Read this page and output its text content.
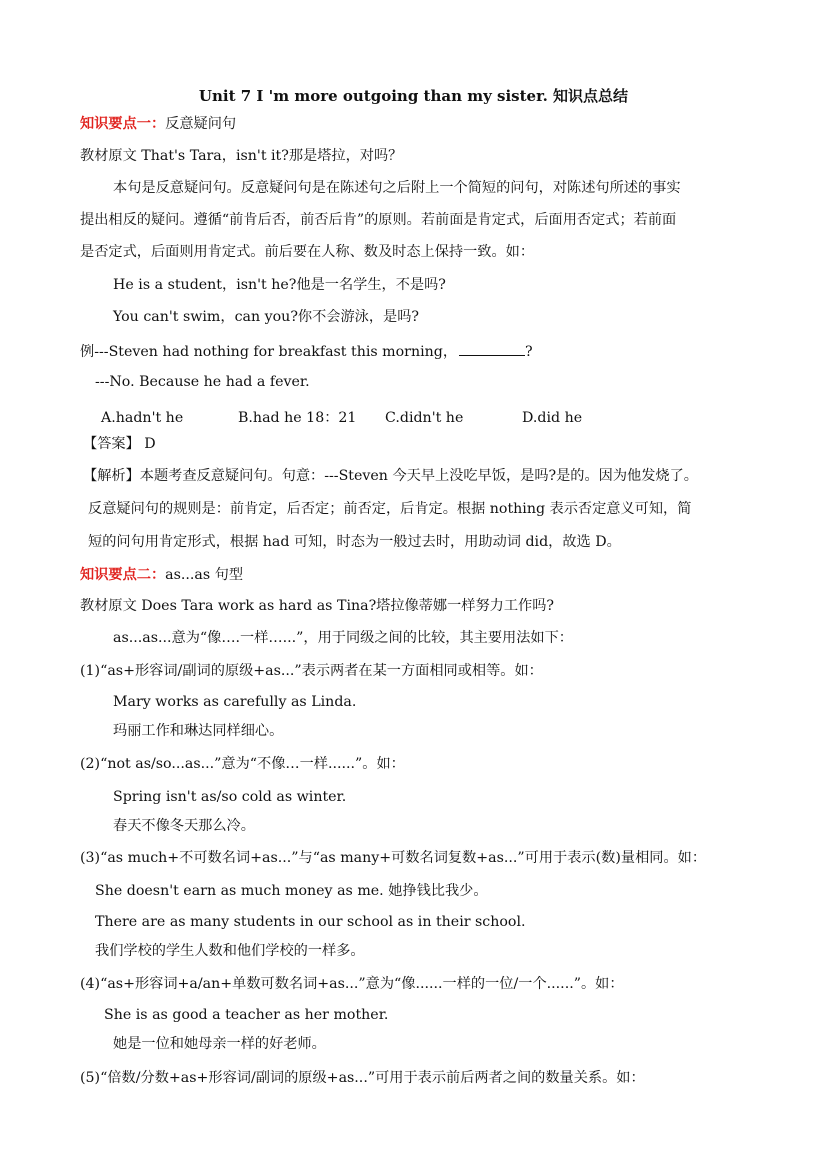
Unit 7 I 'm more outgoing than my sister. 知识点总结
知识要点一：反意疑问句
教材原文 That's Tara，isn't it?那是塔拉，对吗？
本句是反意疑问句。反意疑问句是在陈述句之后附上一个简短的问句，对陈述句所述的事实
提出相反的疑问。遵循“前肯后否，前否后肯”的原则。若前面是肯定式，后面用否定式；若前面
是否定式，后面则用肯定式。前后要在人称、数及时态上保持一致。如：
He is a student，isn't he?他是一名学生，不是吗?
You can't swim，can you?你不会游泳，是吗?
例---Steven had nothing for breakfast this morning，	?
---No. Because he had a fever.
A.hadn't he	B.had he 18：21 C.didn't he	D.did he
【答案】 D
【解析】本题考查反意疑问句。句意：---Steven 今天早上没吃早饭，是吗?是的。因为他发烧了。
反意疑问句的规则是：前肯定，后否定；前否定，后肯定。根据 nothing 表示否定意义可知，简
短的问句用肯定形式，根据 had 可知，时态为一般过去时，用助动词 did，故选 D。
知识要点二：as...as 句型
教材原文 Does Tara work as hard as Tina?塔拉像蒂娜一样努力工作吗?
as...as...意为“像….一样…...”，用于同级之间的比较，其主要用法如下：
(1)“as+形容词/副词的原级+as...”表示两者在某一方面相同或相等。如：
Mary works as carefully as Linda.
玛丽工作和琳达同样细心。
(2)“not as/so...as...”意为“不像…一样......”。如：
Spring isn't as/so cold as winter.
春天不像冬天那么冷。
(3)“as much+不可数名词+as...”与“as many+可数名词复数+as...”可用于表示(数)量相同。如：
She doesn't earn as much money as me. 她挣钱比我少。
There are as many students in our school as in their school.
我们学校的学生人数和他们学校的一样多。
(4)“as+形容词+a/an+单数可数名词+as...”意为“像......一样的一位/一个......”。如：
She is as good a teacher as her mother.
她是一位和她母亲一样的好老师。
(5)“倍数/分数+as+形容词/副词的原级+as...”可用于表示前后两者之间的数量关系。如：
